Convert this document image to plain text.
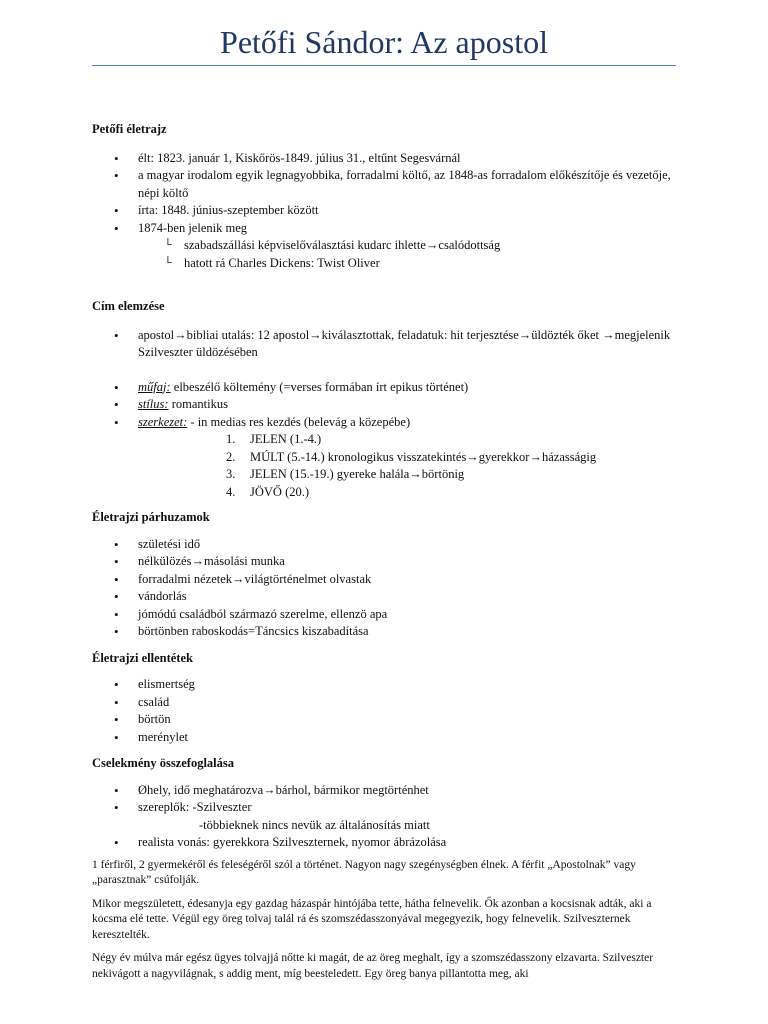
Petőfi Sándor: Az apostol
Petőfi életrajz
• élt: 1823. január 1, Kiskőrös-1849. július 31., eltűnt Segesvárnál
• a magyar irodalom egyik legnagyobbika, forradalmi költő, az 1848-as forradalom előkészítője és vezetője, népi költő
• írta: 1848. június-szeptember között
• 1874-ben jelenik meg
└ szabadszállási képviselőválasztási kudarc ihlette→csalódottság
└ hatott rá Charles Dickens: Twist Oliver
Cím elemzése
• apostol→bibliai utalás: 12 apostol→kiválasztottak, feladatuk: hit terjesztése→üldözték őket →megjelenik Szilveszter üldözésében
• műfaj: elbeszélő költemény (=verses formában írt epikus történet)
• stílus: romantikus
• szerkezet: - in medias res kezdés (belevág a közepébe)
1. JELEN (1.-4.)
2. MÚLT (5.-14.) kronologikus visszatekintés→gyerekkor→házasságig
3. JELEN (15.-19.) gyereke halála→börtönig
4. JÖVŐ (20.)
Életrajzi párhuzamok
• születési idő
• nélkülözés→másolási munka
• forradalmi nézetek→világtörténelmet olvastak
• vándorlás
• jómódú családból származó szerelme, ellenzö apa
• börtönben raboskodás=Táncsics kiszabadítása
Életrajzi ellentétek
• elismertség
• család
• börtön
• merénylet
Cselekmény összefoglalása
• Øhely, idő meghatározva→bárhol, bármikor megtörténhet
• szereplők: -Szilveszter
-többieknek nincs nevük az általánosítás miatt
• realista vonás: gyerekkora Szilveszternek, nyomor ábrázolása

1 férfiről, 2 gyermekéről és feleségéről szól a történet. Nagyon nagy szegénységben élnek. A férfit „Apostolnak” vagy „parasztnak” csúfolják.

Mikor megszületett, édesanyja egy gazdag házaspár hintójába tette, hátha felnevelik. Ők azonban a kocsisnak adták, aki a kocsma elé tette. Végül egy öreg tolvaj talál rá és szomszédasszonyával megegyezik, hogy felnevelik. Szilveszternek keresztelték.

Négy év múlva már egész ügyes tolvajjá nőtte ki magát, de az öreg meghalt, így a szomszédasszony elzavarta. Szilveszter nekivágott a nagyvilágnak, s addig ment, míg beesteledett. Egy öreg banya pillantotta meg, aki
